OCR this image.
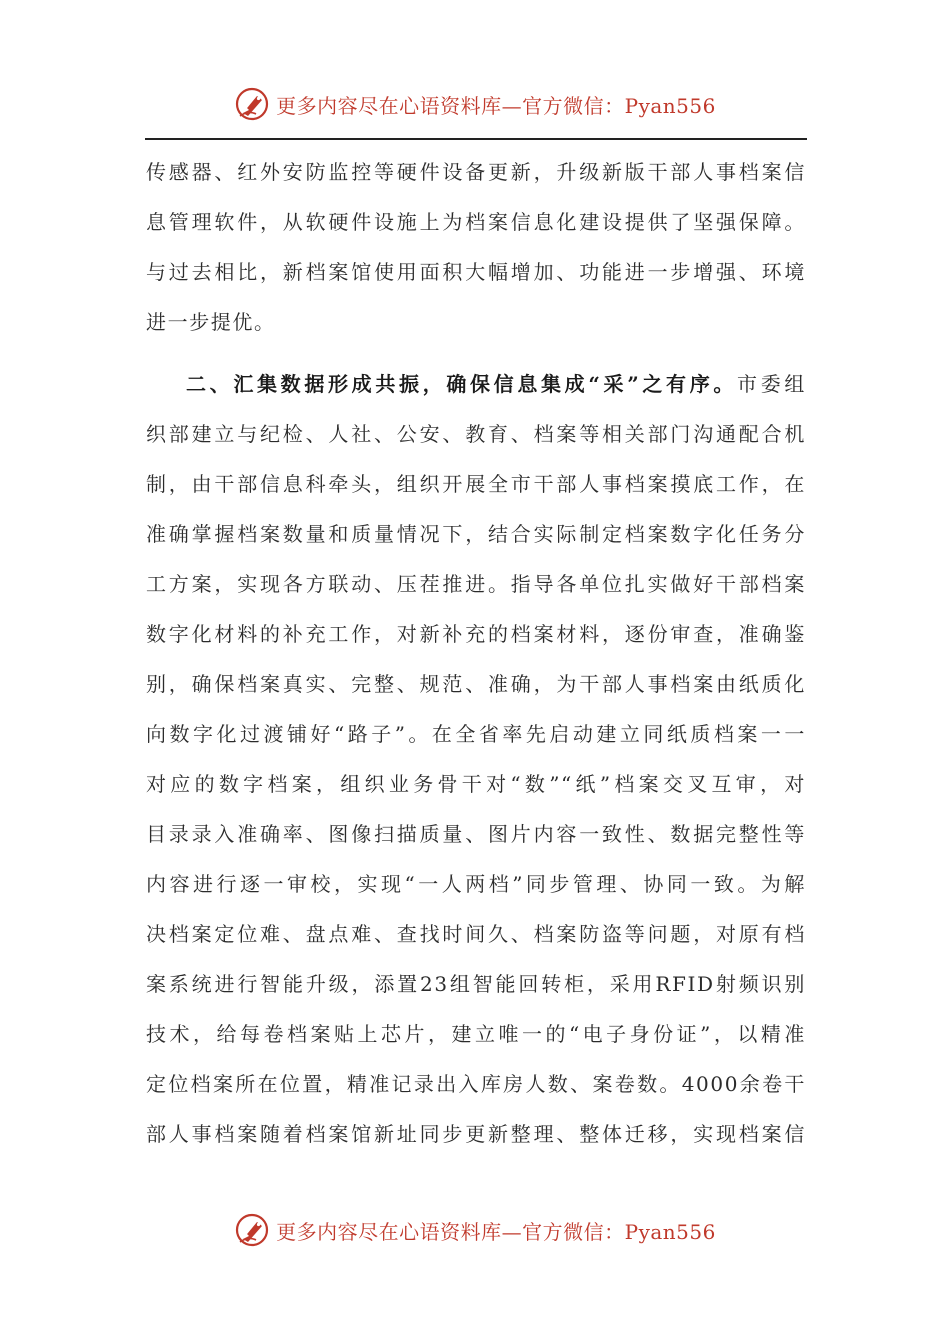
更多内容尽在心语资料库—官方微信：Pyan556
传感器、红外安防监控等硬件设备更新，升级新版干部人事档案信
息管理软件，从软硬件设施上为档案信息化建设提供了坚强保障。
与过去相比，新档案馆使用面积大幅增加、功能进一步增强、环境
进一步提优。
二、汇集数据形成共振，确保信息集成“采”之有序。市委组
织部建立与纪检、人社、公安、教育、档案等相关部门沟通配合机
制，由干部信息科牵头，组织开展全市干部人事档案摸底工作，在
准确掌握档案数量和质量情况下，结合实际制定档案数字化任务分
工方案，实现各方联动、压茬推进。指导各单位扎实做好干部档案
数字化材料的补充工作，对新补充的档案材料，逐份审查，准确鉴
别，确保档案真实、完整、规范、准确，为干部人事档案由纸质化
向数字化过渡铺好“路子”。在全省率先启动建立同纸质档案一一
对应的数字档案，组织业务骨干对“数”“纸”档案交叉互审，对
目录录入准确率、图像扫描质量、图片内容一致性、数据完整性等
内容进行逐一审校，实现“一人两档”同步管理、协同一致。为解
决档案定位难、盘点难、查找时间久、档案防盗等问题，对原有档
案系统进行智能升级，添置23组智能回转柜，采用RFID射频识别
技术，给每卷档案贴上芯片，建立唯一的“电子身份证”，以精准
定位档案所在位置，精准记录出入库房人数、案卷数。4000余卷干
部人事档案随着档案馆新址同步更新整理、整体迁移，实现档案信
更多内容尽在心语资料库—官方微信：Pyan556
